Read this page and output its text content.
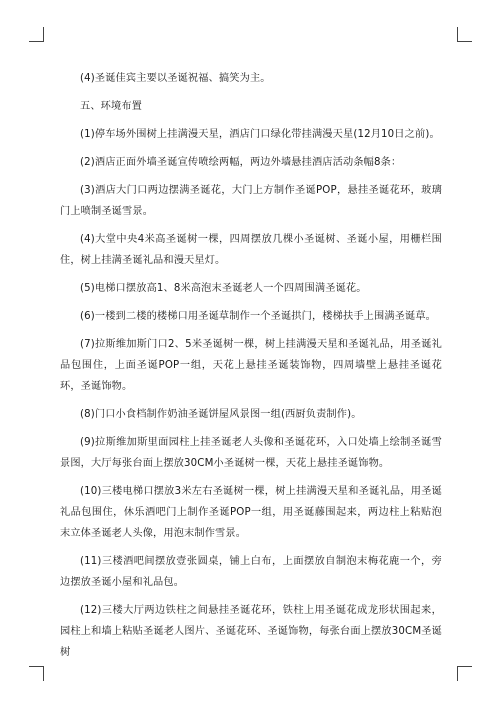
(4)圣诞佳宾主要以圣诞祝福、搞笑为主。

五、环境布置

(1)停车场外围树上挂满漫天星，酒店门口绿化带挂满漫天星(12月10日之前)。

(2)酒店正面外墙圣诞宣传喷绘两幅，两边外墙悬挂酒店活动条幅8条：

(3)酒店大门口两边摆满圣诞花，大门上方制作圣诞POP，悬挂圣诞花环，玻璃门上喷制圣诞雪景。

(4)大堂中央4米高圣诞树一棵，四周摆放几棵小圣诞树、圣诞小屋，用栅栏围住，树上挂满圣诞礼品和漫天星灯。

(5)电梯口摆放高1、8米高泡末圣诞老人一个四周围满圣诞花。

(6)一楼到二楼的楼梯口用圣诞草制作一个圣诞拱门，楼梯扶手上围满圣诞草。

(7)拉斯维加斯门口2、5米圣诞树一棵，树上挂满漫天星和圣诞礼品，用圣诞礼品包围住，上面圣诞POP一组，天花上悬挂圣诞装饰物，四周墙壁上悬挂圣诞花环，圣诞饰物。

(8)门口小食档制作奶油圣诞饼屋风景图一组(西厨负责制作)。

(9)拉斯维加斯里面园柱上挂圣诞老人头像和圣诞花环，入口处墙上绘制圣诞雪景图，大厅每张台面上摆放30CM小圣诞树一棵，天花上悬挂圣诞饰物。

(10)三楼电梯口摆放3米左右圣诞树一棵，树上挂满漫天星和圣诞礼品，用圣诞礼品包围住，休乐酒吧门上制作圣诞POP一组，用圣诞藤围起来，两边柱上粘贴泡末立体圣诞老人头像，用泡末制作雪景。

(11)三楼酒吧间摆放壹张圆桌，铺上白布，上面摆放自制泡末梅花鹿一个，旁边摆放圣诞小屋和礼品包。

(12)三楼大厅两边铁柱之间悬挂圣诞花环，铁柱上用圣诞花成龙形状围起来，园柱上和墙上粘贴圣诞老人图片、圣诞花环、圣诞饰物，每张台面上摆放30CM圣诞树
